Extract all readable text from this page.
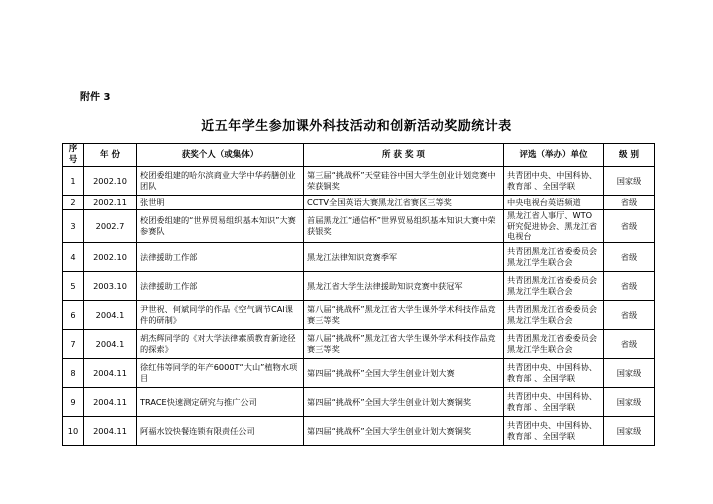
附件 3
近五年学生参加课外科技活动和创新活动奖励统计表
序号	年 份	获奖个人（或集体）	所 获 奖 项	评选（举办）单位	级 别
1	2002.10	校团委组建的哈尔滨商业大学中华药膳创业团队	第三届“挑战杯”天堂硅谷中国大学生创业计划竞赛中荣获铜奖	共青团中央、中国科协、教育部 、全国学联	国家级
2	2002.11	张世明	CCTV全国英语大赛黑龙江省赛区三等奖	中央电视台英语频道	省级
3	2002.7	校团委组建的“世界贸易组织基本知识”大赛参赛队	首届黑龙江“通信杯”世界贸易组织基本知识大赛中荣获银奖	黑龙江省人事厅、WTO研究促进协会、黑龙江省电视台	省级
4	2002.10	法律援助工作部	黑龙江法律知识竞赛季军	共青团黑龙江省委委员会黑龙江学生联合会	省级
5	2003.10	法律援助工作部	黑龙江省大学生法律援助知识竞赛中获冠军	共青团黑龙江省委委员会黑龙江学生联合会	省级
6	2004.1	尹世祝、何斌同学的作品《空气调节CAI课件的研制》	第八届“挑战杯”黑龙江省大学生课外学术科技作品竞赛三等奖	共青团黑龙江省委委员会黑龙江学生联合会	省级
7	2004.1	胡杰辉同学的《对大学法律素质教育新途径的探索》	第八届“挑战杯”黑龙江省大学生课外学术科技作品竞赛三等奖	共青团黑龙江省委委员会黑龙江学生联合会	省级
8	2004.11	徐红伟等同学的年产6000T“大山”植物水项目	第四届“挑战杯”全国大学生创业计划大赛	共青团中央、中国科协、教育部 、全国学联	国家级
9	2004.11	TRACE快速测定研究与推广公司	第四届“挑战杯”全国大学生创业计划大赛铜奖	共青团中央、中国科协、教育部 、全国学联	国家级
10	2004.11	阿福水饺快餐连锁有限责任公司	第四届“挑战杯”全国大学生创业计划大赛铜奖	共青团中央、中国科协、教育部 、全国学联	国家级
